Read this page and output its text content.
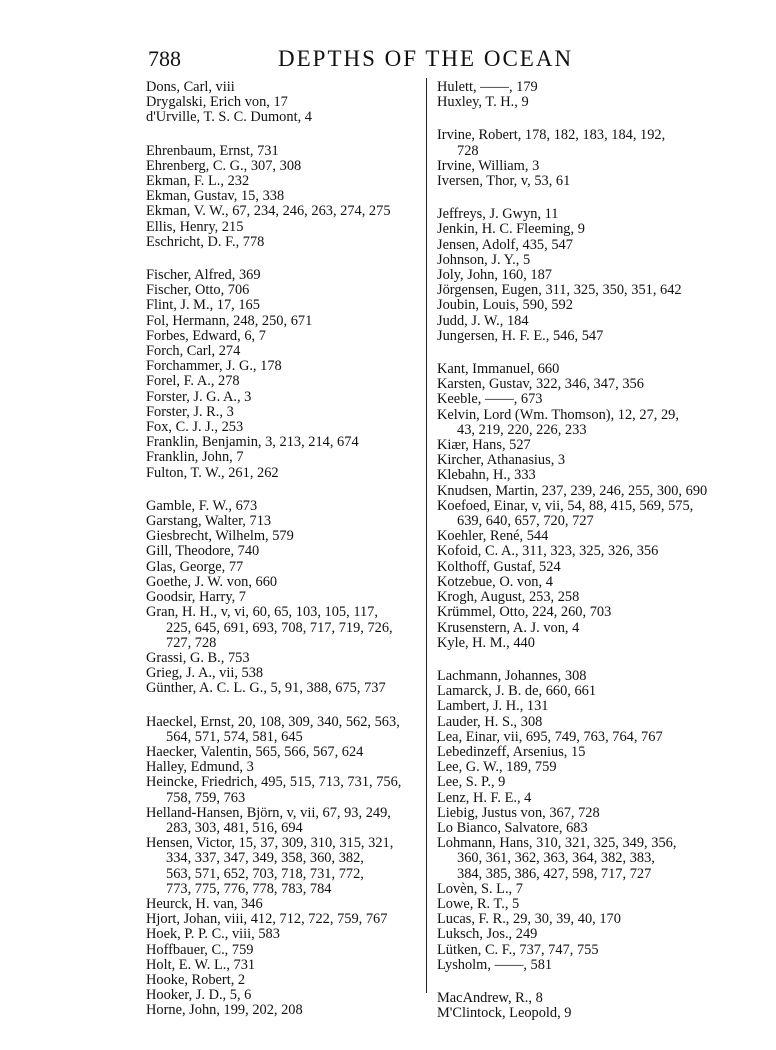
788	DEPTHS OF THE OCEAN
Dons, Carl, viii
Drygalski, Erich von, 17
d'Urville, T. S. C. Dumont, 4
Ehrenbaum, Ernst, 731
Ehrenberg, C. G., 307, 308
Ekman, F. L., 232
Ekman, Gustav, 15, 338
Ekman, V. W., 67, 234, 246, 263, 274, 275
Ellis, Henry, 215
Eschricht, D. F., 778
Fischer, Alfred, 369
Fischer, Otto, 706
Flint, J. M., 17, 165
Fol, Hermann, 248, 250, 671
Forbes, Edward, 6, 7
Forch, Carl, 274
Forchammer, J. G., 178
Forel, F. A., 278
Forster, J. G. A., 3
Forster, J. R., 3
Fox, C. J. J., 253
Franklin, Benjamin, 3, 213, 214, 674
Franklin, John, 7
Fulton, T. W., 261, 262
Gamble, F. W., 673
Garstang, Walter, 713
Giesbrecht, Wilhelm, 579
Gill, Theodore, 740
Glas, George, 77
Goethe, J. W. von, 660
Goodsir, Harry, 7
Gran, H. H., v, vi, 60, 65, 103, 105, 117,
225, 645, 691, 693, 708, 717, 719, 726,
727, 728
Grassi, G. B., 753
Grieg, J. A., vii, 538
Günther, A. C. L. G., 5, 91, 388, 675, 737
Haeckel, Ernst, 20, 108, 309, 340, 562, 563,
564, 571, 574, 581, 645
Haecker, Valentin, 565, 566, 567, 624
Halley, Edmund, 3
Heincke, Friedrich, 495, 515, 713, 731, 756,
758, 759, 763
Helland-Hansen, Björn, v, vii, 67, 93, 249,
283, 303, 481, 516, 694
Hensen, Victor, 15, 37, 309, 310, 315, 321,
334, 337, 347, 349, 358, 360, 382,
563, 571, 652, 703, 718, 731, 772,
773, 775, 776, 778, 783, 784
Heurck, H. van, 346
Hjort, Johan, viii, 412, 712, 722, 759, 767
Hoek, P. P. C., viii, 583
Hoffbauer, C., 759
Holt, E. W. L., 731
Hooke, Robert, 2
Hooker, J. D., 5, 6
Horne, John, 199, 202, 208
Hulett, ——, 179
Huxley, T. H., 9
Irvine, Robert, 178, 182, 183, 184, 192,
728
Irvine, William, 3
Iversen, Thor, v, 53, 61
Jeffreys, J. Gwyn, 11
Jenkin, H. C. Fleeming, 9
Jensen, Adolf, 435, 547
Johnson, J. Y., 5
Joly, John, 160, 187
Jörgensen, Eugen, 311, 325, 350, 351, 642
Joubin, Louis, 590, 592
Judd, J. W., 184
Jungersen, H. F. E., 546, 547
Kant, Immanuel, 660
Karsten, Gustav, 322, 346, 347, 356
Keeble, ——, 673
Kelvin, Lord (Wm. Thomson), 12, 27, 29,
43, 219, 220, 226, 233
Kiær, Hans, 527
Kircher, Athanasius, 3
Klebahn, H., 333
Knudsen, Martin, 237, 239, 246, 255, 300, 690
Koefoed, Einar, v, vii, 54, 88, 415, 569, 575,
639, 640, 657, 720, 727
Koehler, René, 544
Kofoid, C. A., 311, 323, 325, 326, 356
Kolthoff, Gustaf, 524
Kotzebue, O. von, 4
Krogh, August, 253, 258
Krümmel, Otto, 224, 260, 703
Krusenstern, A. J. von, 4
Kyle, H. M., 440
Lachmann, Johannes, 308
Lamarck, J. B. de, 660, 661
Lambert, J. H., 131
Lauder, H. S., 308
Lea, Einar, vii, 695, 749, 763, 764, 767
Lebedinzeff, Arsenius, 15
Lee, G. W., 189, 759
Lee, S. P., 9
Lenz, H. F. E., 4
Liebig, Justus von, 367, 728
Lo Bianco, Salvatore, 683
Lohmann, Hans, 310, 321, 325, 349, 356,
360, 361, 362, 363, 364, 382, 383,
384, 385, 386, 427, 598, 717, 727
Lovèn, S. L., 7
Lowe, R. T., 5
Lucas, F. R., 29, 30, 39, 40, 170
Luksch, Jos., 249
Lütken, C. F., 737, 747, 755
Lysholm, ——, 581
MacAndrew, R., 8
M'Clintock, Leopold, 9
